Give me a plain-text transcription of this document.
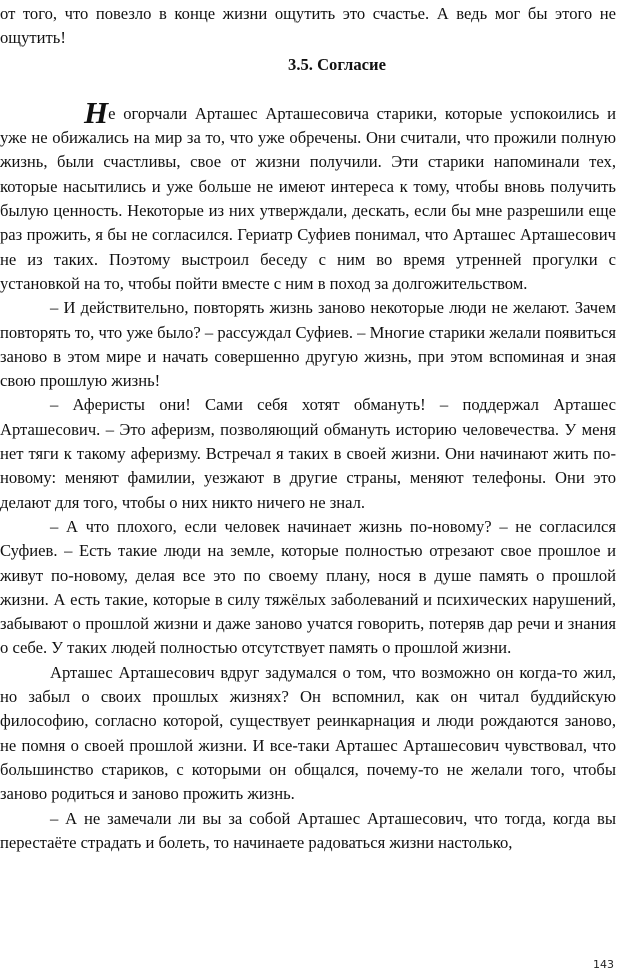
от того, что повезло в конце жизни ощутить это счастье. А ведь мог бы этого не ощутить!

3.5. Согласие

Не огорчали Арташес Арташесовича старики, которые успокоились и уже не обижались на мир за то, что уже обречены. Они считали, что прожили полную жизнь, были счастливы, свое от жизни получили. Эти старики напоминали тех, которые насытились и уже больше не имеют интереса к тому, чтобы вновь получить былую ценность. Некоторые из них утверждали, дескать, если бы мне разрешили еще раз прожить, я бы не согласился. Гериатр Суфиев понимал, что Арташес Арташесович не из таких. Поэтому выстроил беседу с ним во время утренней прогулки с установкой на то, чтобы пойти вместе с ним в поход за долгожительством.

– И действительно, повторять жизнь заново некоторые люди не желают. Зачем повторять то, что уже было? – рассуждал Суфиев. – Многие старики желали появиться заново в этом мире и начать совершенно другую жизнь, при этом вспоминая и зная свою прошлую жизнь!

– Аферисты они! Сами себя хотят обмануть! – поддержал Арташес Арташесович. – Это аферизм, позволяющий обмануть историю человечества. У меня нет тяги к такому аферизму. Встречал я таких в своей жизни. Они начинают жить по-новому: меняют фамилии, уезжают в другие страны, меняют телефоны. Они это делают для того, чтобы о них никто ничего не знал.

– А что плохого, если человек начинает жизнь по-новому? – не согласился Суфиев. – Есть такие люди на земле, которые полностью отрезают свое прошлое и живут по-новому, делая все это по своему плану, нося в душе память о прошлой жизни. А есть такие, которые в силу тяжёлых заболеваний и психических нарушений, забывают о прошлой жизни и даже заново учатся говорить, потеряв дар речи и знания о себе. У таких людей полностью отсутствует память о прошлой жизни.

Арташес Арташесович вдруг задумался о том, что возможно он когда-то жил, но забыл о своих прошлых жизнях? Он вспомнил, как он читал буддийскую философию, согласно которой, существует реинкарнация и люди рождаются заново, не помня о своей прошлой жизни. И все-таки Арташес Арташесович чувствовал, что большинство стариков, с которыми он общался, почему-то не желали того, чтобы заново родиться и заново прожить жизнь.

– А не замечали ли вы за собой Арташес Арташесович, что тогда, когда вы перестаёте страдать и болеть, то начинаете радоваться жизни настолько,

143
